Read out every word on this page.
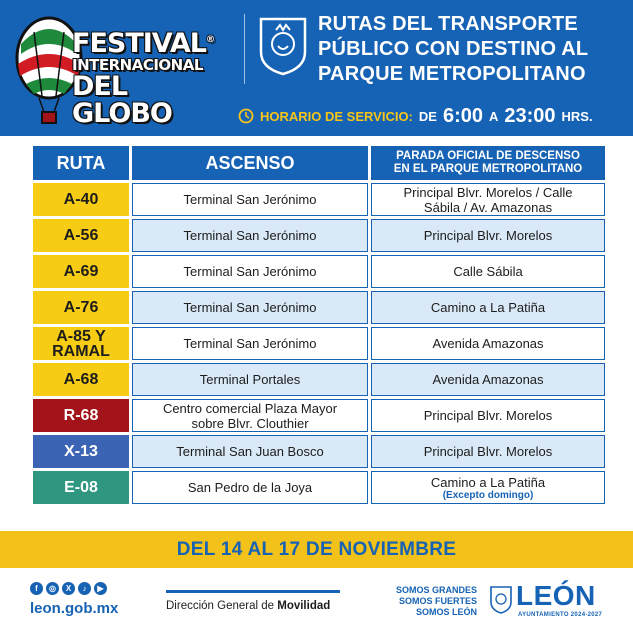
FESTIVAL®
INTERNACIONAL
DEL GLOBO
RUTAS DEL TRANSPORTE
PÚBLICO CON DESTINO AL
PARQUE METROPOLITANO
HORARIO DE SERVICIO: DE 6:00 A 23:00 HRS.
RUTA	ASCENSO	PARADA OFICIAL DE DESCENSO
EN EL PARQUE METROPOLITANO

A-40	Terminal San Jerónimo	Principal Blvr. Morelos / Calle
Sábila / Av. Amazonas

A-56	Terminal San Jerónimo	Principal Blvr. Morelos

A-69	Terminal San Jerónimo	Calle Sábila

A-76	Terminal San Jerónimo	Camino a La Patiña

A-85 Y
RAMAL	Terminal San Jerónimo	Avenida Amazonas

A-68	Terminal Portales	Avenida Amazonas

R-68	Centro comercial Plaza Mayor
sobre Blvr. Clouthier	Principal Blvr. Morelos

X-13	Terminal San Juan Bosco	Principal Blvr. Morelos

E-08	San Pedro de la Joya	Camino a La Patiña
(Excepto domingo)
DEL 14 AL 17 DE NOVIEMBRE
f	◎	X	♪	▶
leon.gob.mx	Dirección General de Movilidad
SOMOS GRANDES
SOMOS FUERTES
SOMOS LEÓN
LEÓN
AYUNTAMIENTO 2024-2027
